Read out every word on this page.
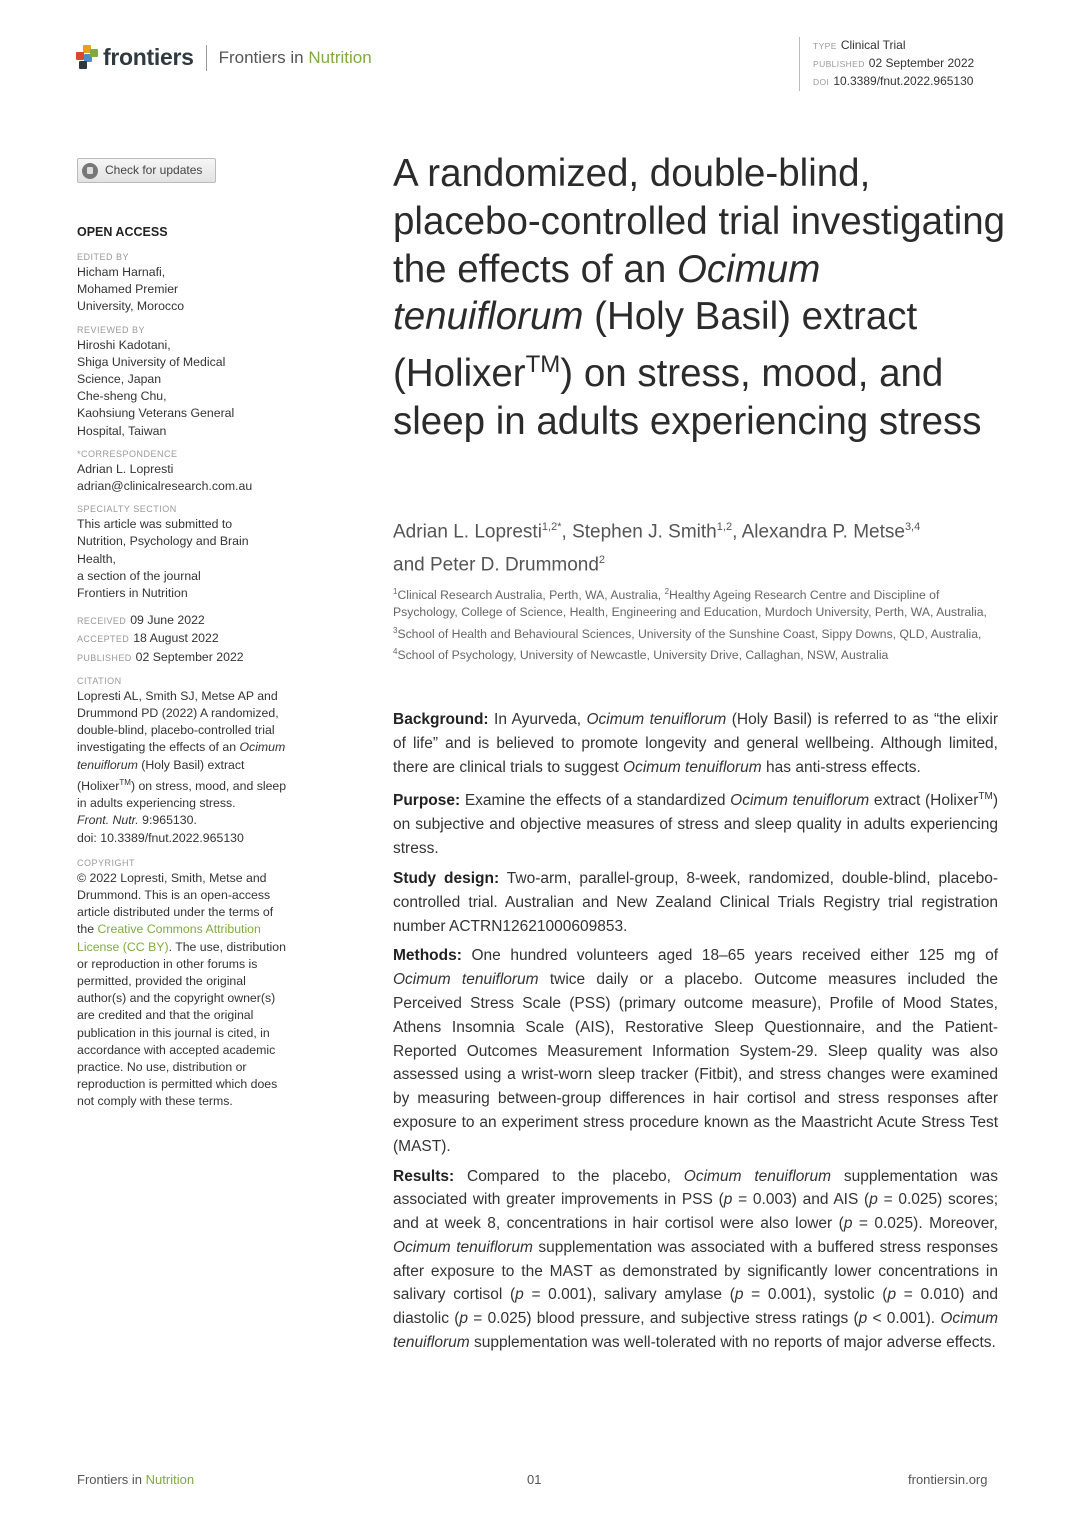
frontiers Frontiers in Nutrition
TYPE Clinical Trial
PUBLISHED 02 September 2022
DOI 10.3389/fnut.2022.965130
Check for updates
OPEN ACCESS
EDITED BY
Hicham Harnafi,
Mohamed Premier
University, Morocco
REVIEWED BY
Hiroshi Kadotani,
Shiga University of Medical
Science, Japan
Che-sheng Chu,
Kaohsiung Veterans General
Hospital, Taiwan
*CORRESPONDENCE
Adrian L. Lopresti
adrian@clinicalresearch.com.au
SPECIALTY SECTION
This article was submitted to
Nutrition, Psychology and Brain
Health,
a section of the journal
Frontiers in Nutrition
RECEIVED 09 June 2022
ACCEPTED 18 August 2022
PUBLISHED 02 September 2022
CITATION
Lopresti AL, Smith SJ, Metse AP and
Drummond PD (2022) A randomized,
double-blind, placebo-controlled trial
investigating the effects of an Ocimum
tenuiflorum (Holy Basil) extract
(Holixer™) on stress, mood, and sleep
in adults experiencing stress.
Front. Nutr. 9:965130.
doi: 10.3389/fnut.2022.965130
COPYRIGHT
© 2022 Lopresti, Smith, Metse and
Drummond. This is an open-access
article distributed under the terms of
the Creative Commons Attribution
License (CC BY). The use, distribution
or reproduction in other forums is
permitted, provided the original
author(s) and the copyright owner(s)
are credited and that the original
publication in this journal is cited, in
accordance with accepted academic
practice. No use, distribution or
reproduction is permitted which does
not comply with these terms.
A randomized, double-blind, placebo-controlled trial investigating the effects of an Ocimum tenuiflorum (Holy Basil) extract (Holixer™) on stress, mood, and sleep in adults experiencing stress
Adrian L. Lopresti$^{1,2*}$, Stephen J. Smith$^{1,2}$, Alexandra P. Metse$^{3,4}$
and Peter D. Drummond$^2$
$^1$Clinical Research Australia, Perth, WA, Australia, $^2$Healthy Ageing Research Centre and Discipline of Psychology, College of Science, Health, Engineering and Education, Murdoch University, Perth, WA, Australia, $^3$School of Health and Behavioural Sciences, University of the Sunshine Coast, Sippy Downs, QLD, Australia, $^4$School of Psychology, University of Newcastle, University Drive, Callaghan, NSW, Australia

Background: In Ayurveda, Ocimum tenuiflorum (Holy Basil) is referred to as “the elixir of life” and is believed to promote longevity and general wellbeing. Although limited, there are clinical trials to suggest Ocimum tenuiflorum has anti-stress effects.

Purpose: Examine the effects of a standardized Ocimum tenuiflorum extract (Holixer™) on subjective and objective measures of stress and sleep quality in adults experiencing stress.

Study design: Two-arm, parallel-group, 8-week, randomized, double-blind, placebo-controlled trial. Australian and New Zealand Clinical Trials Registry trial registration number ACTRN12621000609853.

Methods: One hundred volunteers aged 18–65 years received either 125 mg of Ocimum tenuiflorum twice daily or a placebo. Outcome measures included the Perceived Stress Scale (PSS) (primary outcome measure), Profile of Mood States, Athens Insomnia Scale (AIS), Restorative Sleep Questionnaire, and the Patient-Reported Outcomes Measurement Information System-29. Sleep quality was also assessed using a wrist-worn sleep tracker (Fitbit), and stress changes were examined by measuring between-group differences in hair cortisol and stress responses after exposure to an experiment stress procedure known as the Maastricht Acute Stress Test (MAST).

Results: Compared to the placebo, Ocimum tenuiflorum supplementation was associated with greater improvements in PSS (p = 0.003) and AIS (p = 0.025) scores; and at week 8, concentrations in hair cortisol were also lower (p = 0.025). Moreover, Ocimum tenuiflorum supplementation was associated with a buffered stress responses after exposure to the MAST as demonstrated by significantly lower concentrations in salivary cortisol (p = 0.001), salivary amylase (p = 0.001), systolic (p = 0.010) and diastolic (p = 0.025) blood pressure, and subjective stress ratings (p < 0.001). Ocimum tenuiflorum supplementation was well-tolerated with no reports of major adverse effects.

Frontiers in Nutrition	01	frontiersin.org
